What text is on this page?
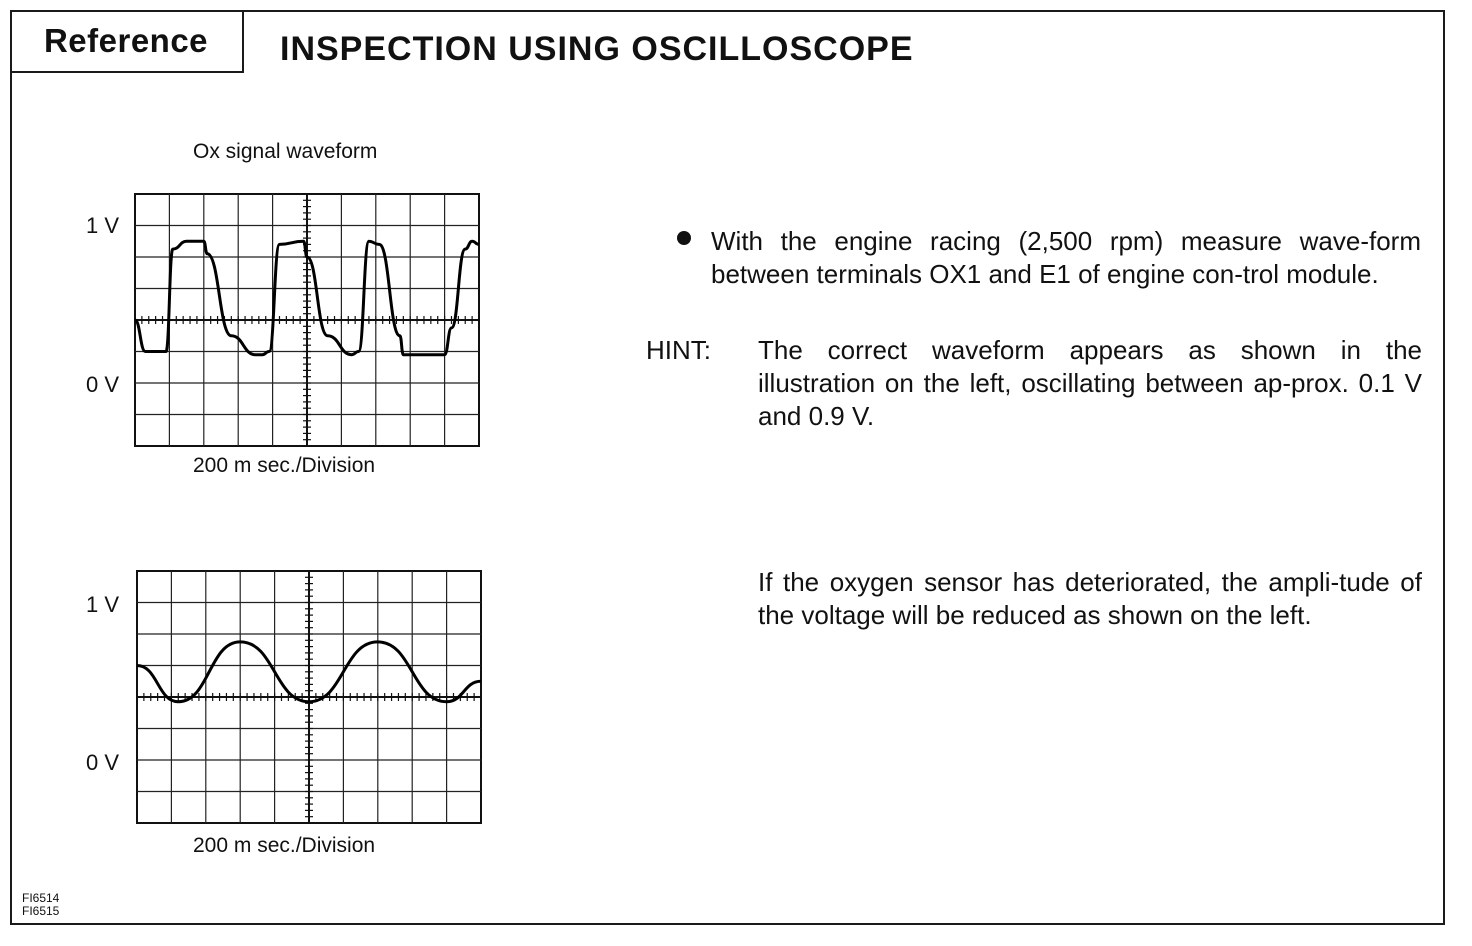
Reference	INSPECTION USING OSCILLOSCOPE
Ox signal waveform
1 V
0 V
200 m sec./Division
1 V
0 V
200 m sec./Division
With the engine racing (2,500 rpm) measure wave-form between terminals OX1 and E1 of engine con-trol module.
HINT: The correct waveform appears as shown in the illustration on the left, oscillating between ap-prox. 0.1 V and 0.9 V.
If the oxygen sensor has deteriorated, the ampli-tude of the voltage will be reduced as shown on the left.
FI6514
FI6515
